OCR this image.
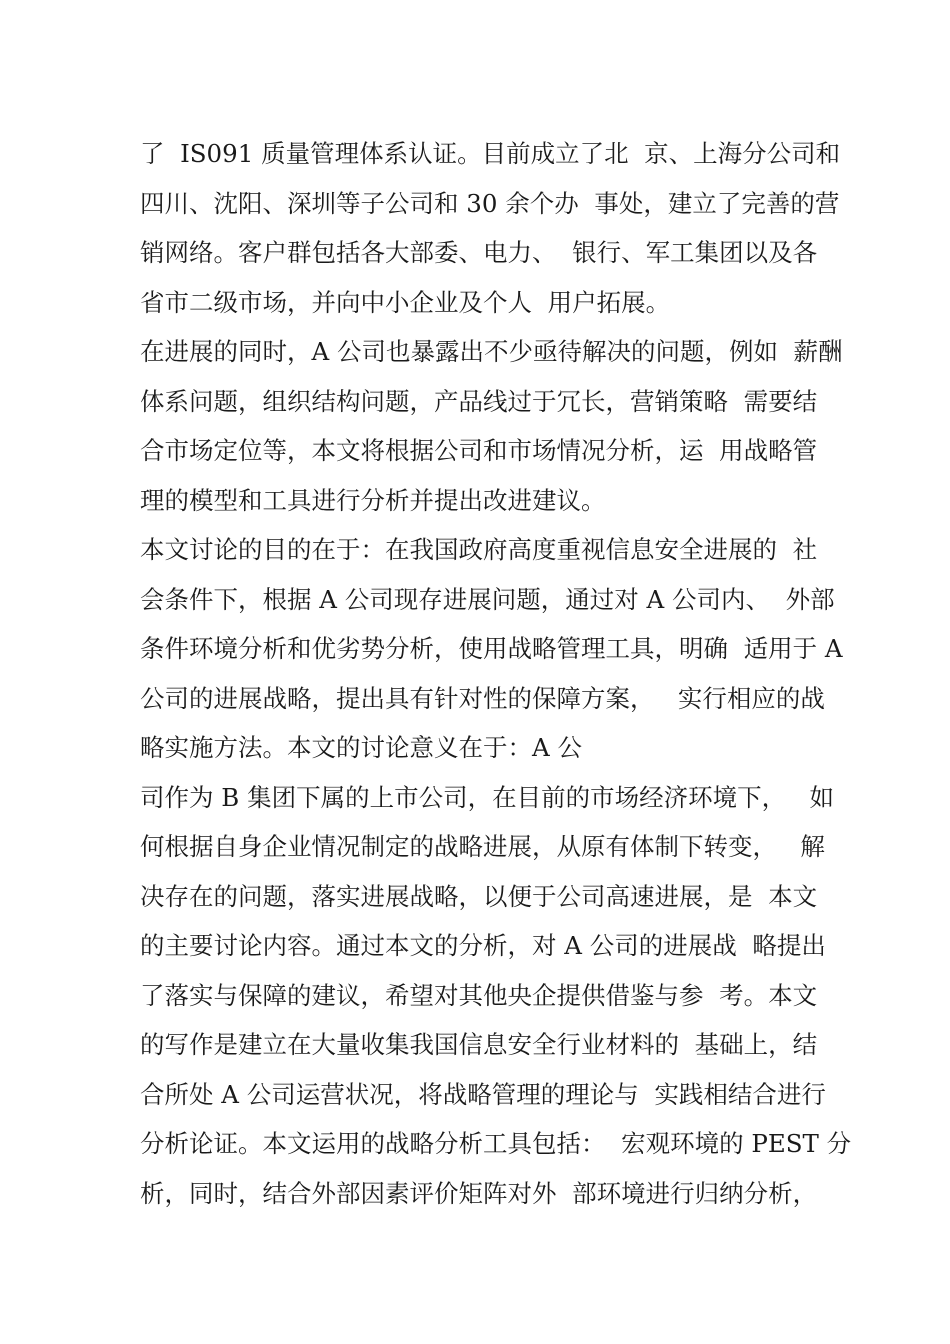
了  IS091 质量管理体系认证。目前成立了北  京、上海分公司和
四川、沈阳、深圳等子公司和 30 余个办  事处，建立了完善的营
销网络。客户群包括各大部委、电力、  银行、军工集团以及各
省市二级市场，并向中小企业及个人  用户拓展。
在进展的同时，A 公司也暴露出不少亟待解决的问题，例如  薪酬
体系问题，组织结构问题，产品线过于冗长，营销策略  需要结
合市场定位等，本文将根据公司和市场情况分析，运  用战略管
理的模型和工具进行分析并提出改进建议。
本文讨论的目的在于：在我国政府高度重视信息安全进展的  社
会条件下，根据 A 公司现存进展问题，通过对 A 公司内、  外部
条件环境分析和优劣势分析，使用战略管理工具，明确  适用于 A
公司的进展战略，提出具有针对性的保障方案，   实行相应的战
略实施方法。本文的讨论意义在于：A 公
司作为 B 集团下属的上市公司，在目前的市场经济环境下，   如
何根据自身企业情况制定的战略进展，从原有体制下转变，   解
决存在的问题，落实进展战略，以便于公司高速进展，是  本文
的主要讨论内容。通过本文的分析，对 A 公司的进展战  略提出
了落实与保障的建议，希望对其他央企提供借鉴与参  考。本文
的写作是建立在大量收集我国信息安全行业材料的  基础上，结
合所处 A 公司运营状况，将战略管理的理论与  实践相结合进行
分析论证。本文运用的战略分析工具包括：  宏观环境的 PEST 分
析，同时，结合外部因素评价矩阵对外  部环境进行归纳分析，
